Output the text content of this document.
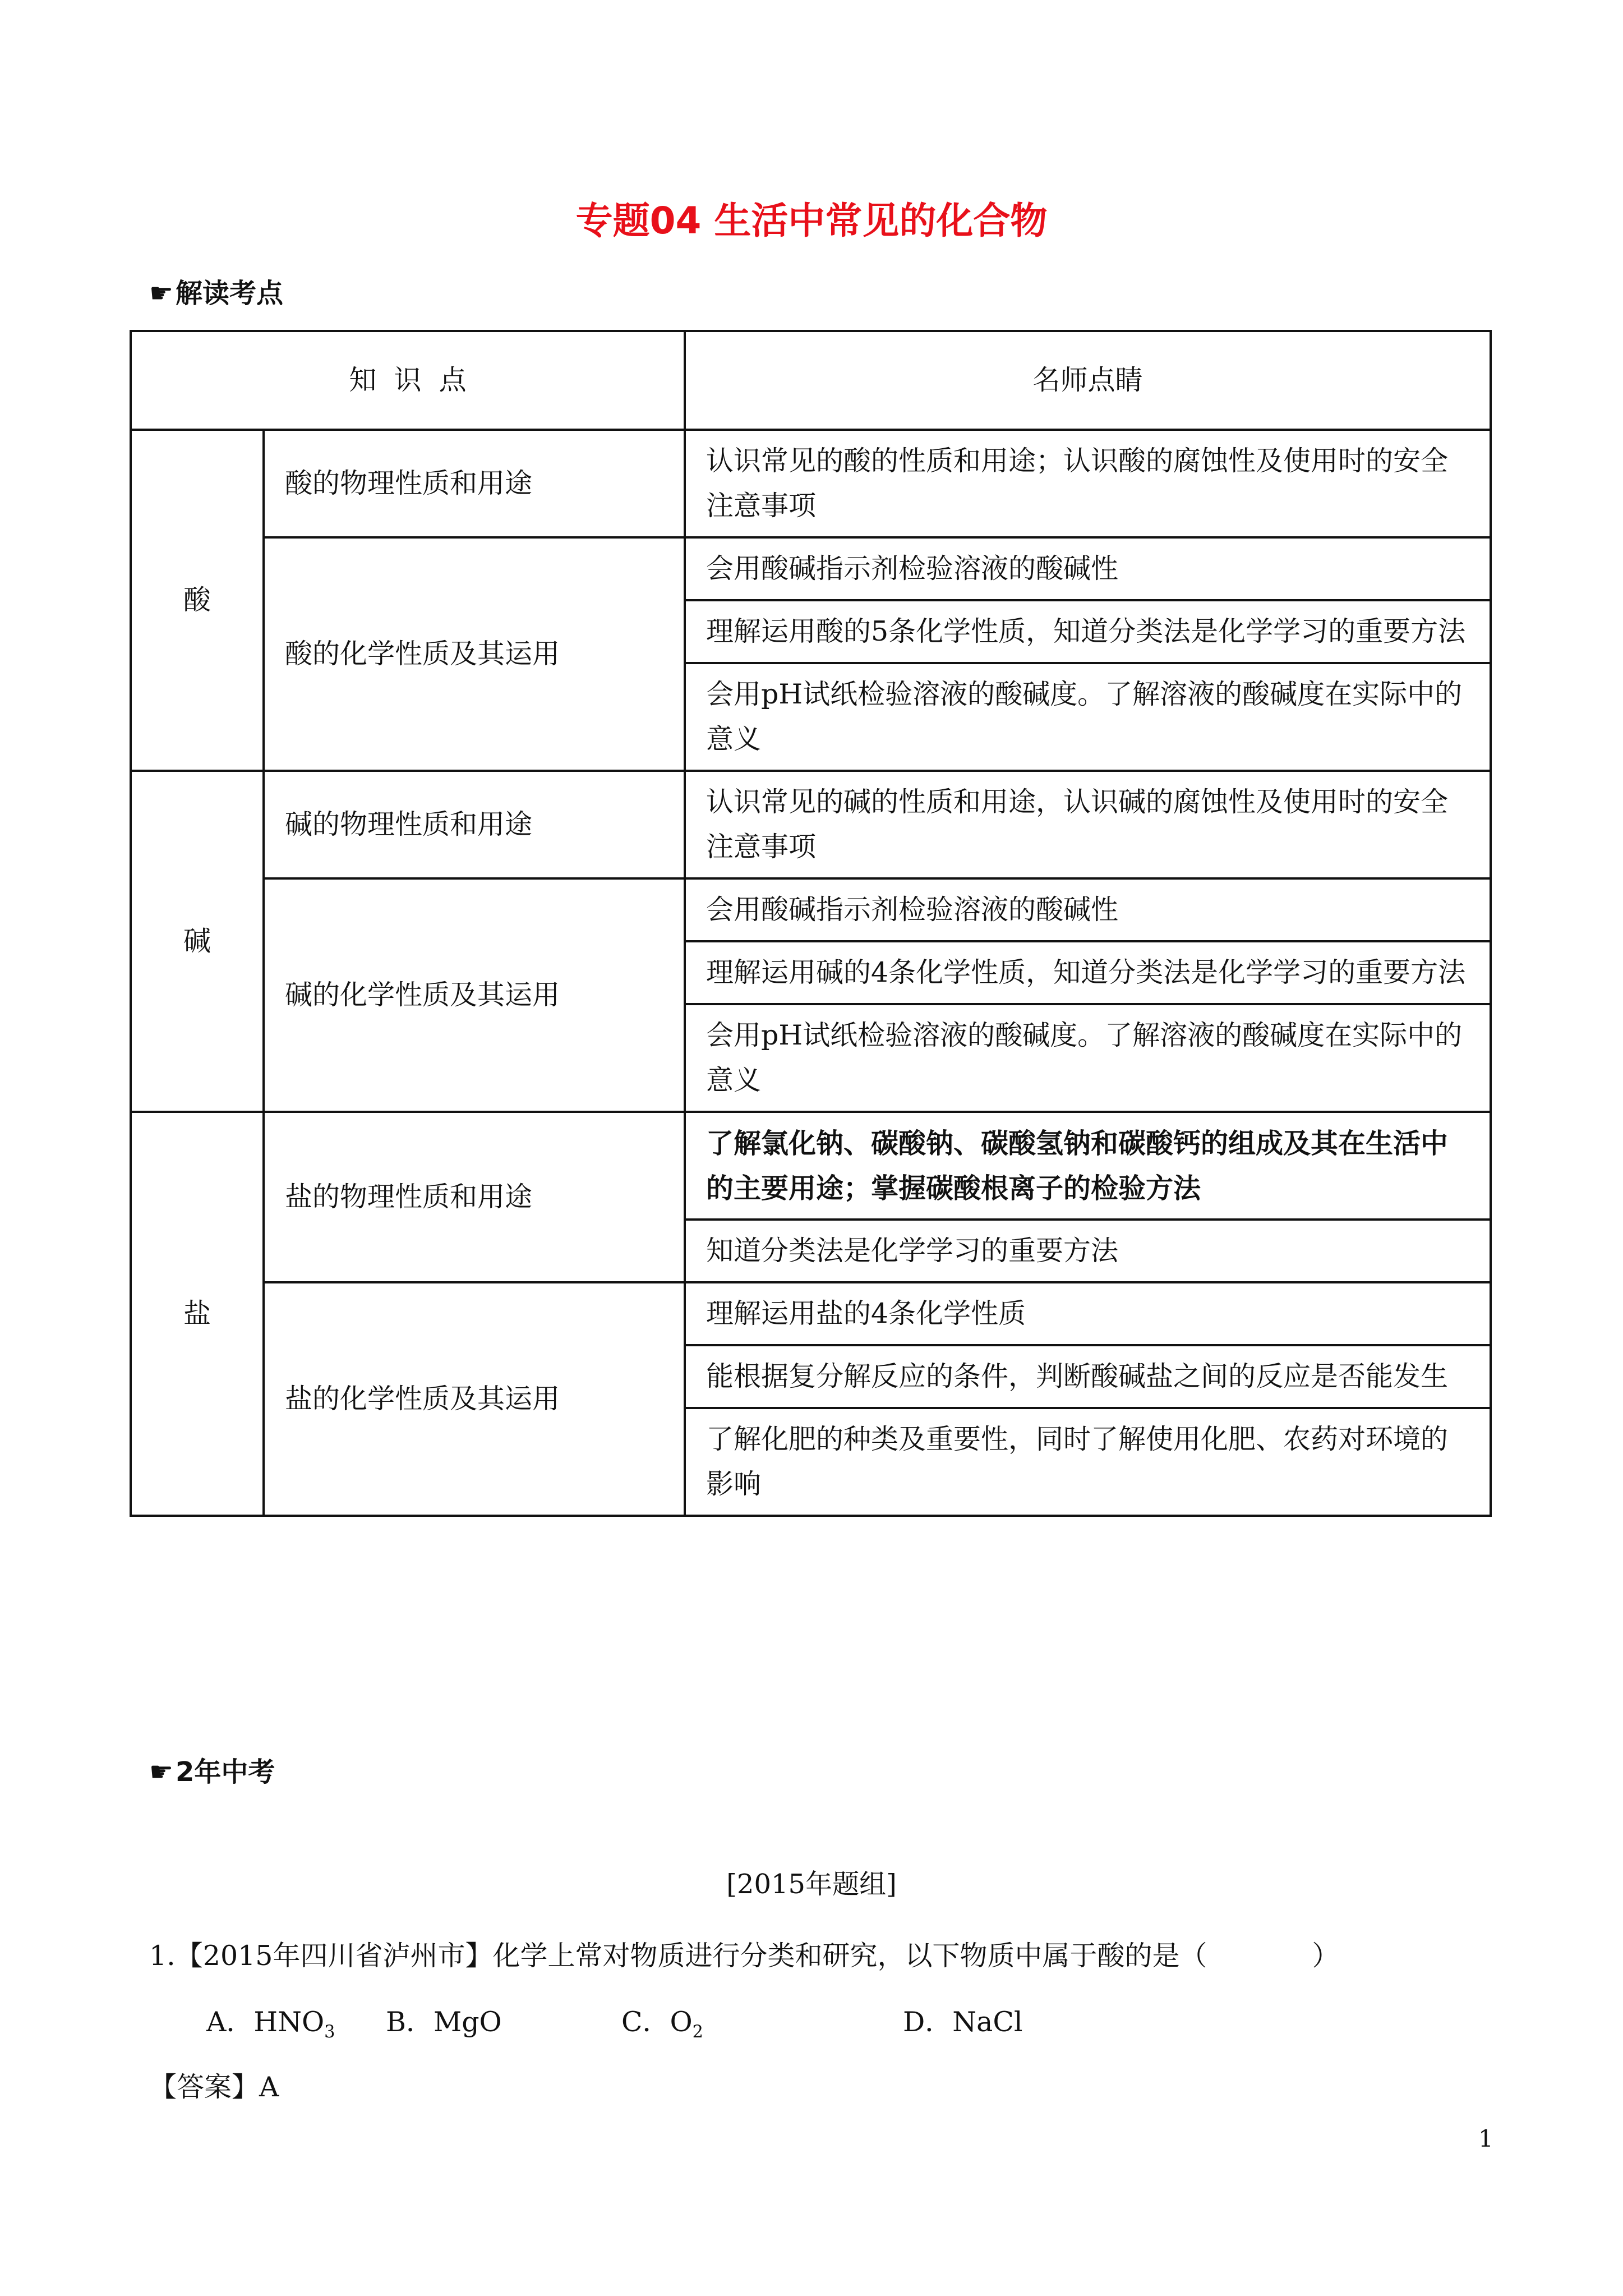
专题04 生活中常见的化合物
☛解读考点
知  识  点		名师点睛
酸	酸的物理性质和用途	认识常见的酸的性质和用途；认识酸的腐蚀性及使用时的安全注意事项
	酸的化学性质及其运用	会用酸碱指示剂检验溶液的酸碱性
		理解运用酸的5条化学性质，知道分类法是化学学习的重要方法
		会用pH试纸检验溶液的酸碱度。了解溶液的酸碱度在实际中的意义
碱	碱的物理性质和用途	认识常见的碱的性质和用途，认识碱的腐蚀性及使用时的安全注意事项
	碱的化学性质及其运用	会用酸碱指示剂检验溶液的酸碱性
		理解运用碱的4条化学性质，知道分类法是化学学习的重要方法
		会用pH试纸检验溶液的酸碱度。了解溶液的酸碱度在实际中的意义
盐	盐的物理性质和用途	了解氯化钠、碳酸钠、碳酸氢钠和碳酸钙的组成及其在生活中的主要用途；掌握碳酸根离子的检验方法
		知道分类法是化学学习的重要方法
	盐的化学性质及其运用	理解运用盐的4条化学性质
		能根据复分解反应的条件，判断酸碱盐之间的反应是否能发生
		了解化肥的种类及重要性，同时了解使用化肥、农药对环境的影响
☛2年中考
[2015年题组]
1.【2015年四川省泸州市】化学上常对物质进行分类和研究，以下物质中属于酸的是（            ）
A．$HNO_3$ B．MgO	C．$O_2$	D．NaCl
【答案】A
1
